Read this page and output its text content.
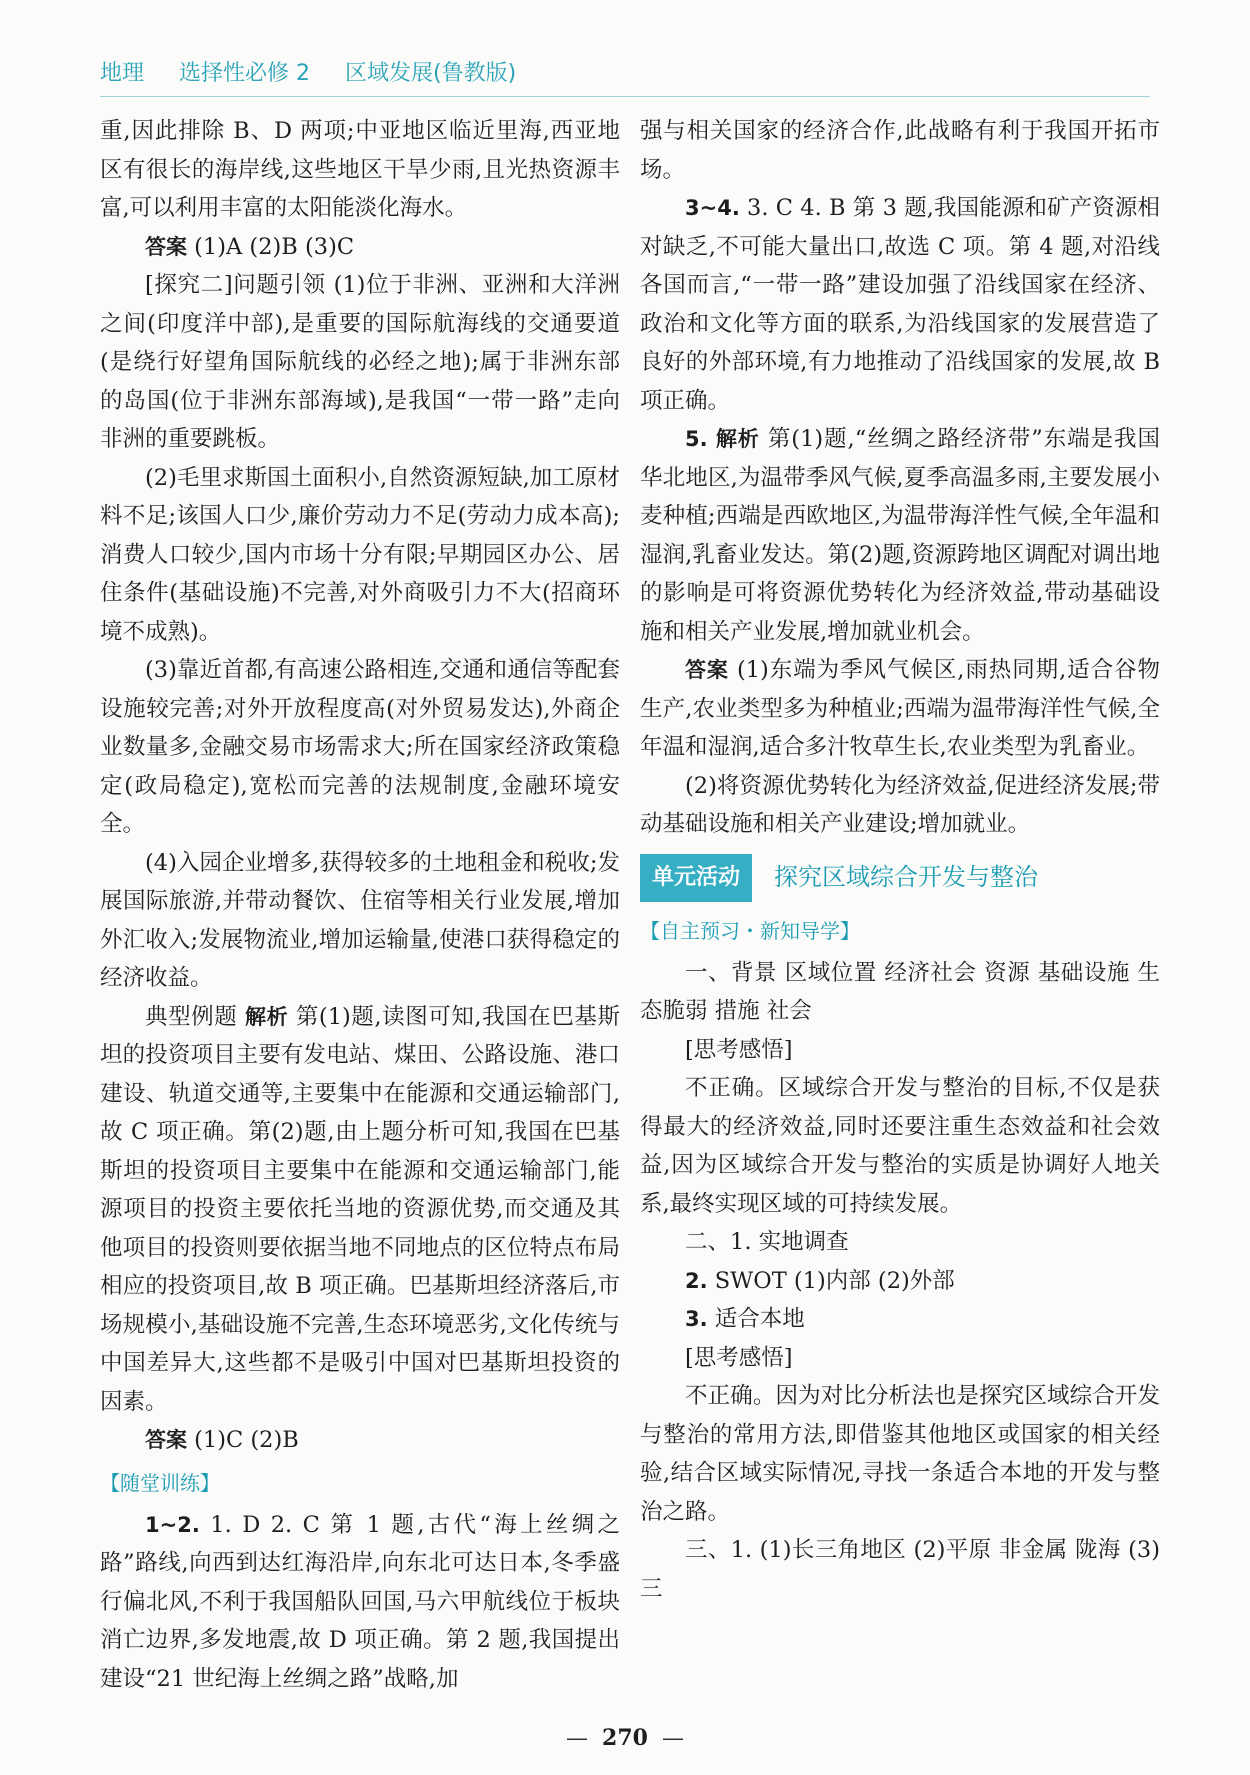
地理 选择性必修 2 区域发展(鲁教版)

重,因此排除 B、D 两项;中亚地区临近里海,西亚地区有很长的海岸线,这些地区干旱少雨,且光热资源丰富,可以利用丰富的太阳能淡化海水。

答案 (1)A (2)B (3)C

[探究二]问题引领 (1)位于非洲、亚洲和大洋洲之间(印度洋中部),是重要的国际航海线的交通要道(是绕行好望角国际航线的必经之地);属于非洲东部的岛国(位于非洲东部海域),是我国“一带一路”走向非洲的重要跳板。

(2)毛里求斯国土面积小,自然资源短缺,加工原材料不足;该国人口少,廉价劳动力不足(劳动力成本高);消费人口较少,国内市场十分有限;早期园区办公、居住条件(基础设施)不完善,对外商吸引力不大(招商环境不成熟)。

(3)靠近首都,有高速公路相连,交通和通信等配套设施较完善;对外开放程度高(对外贸易发达),外商企业数量多,金融交易市场需求大;所在国家经济政策稳定(政局稳定),宽松而完善的法规制度,金融环境安全。

(4)入园企业增多,获得较多的土地租金和税收;发展国际旅游,并带动餐饮、住宿等相关行业发展,增加外汇收入;发展物流业,增加运输量,使港口获得稳定的经济收益。

典型例题 解析 第(1)题,读图可知,我国在巴基斯坦的投资项目主要有发电站、煤田、公路设施、港口建设、轨道交通等,主要集中在能源和交通运输部门,故 C 项正确。第(2)题,由上题分析可知,我国在巴基斯坦的投资项目主要集中在能源和交通运输部门,能源项目的投资主要依托当地的资源优势,而交通及其他项目的投资则要依据当地不同地点的区位特点布局相应的投资项目,故 B 项正确。巴基斯坦经济落后,市场规模小,基础设施不完善,生态环境恶劣,文化传统与中国差异大,这些都不是吸引中国对巴基斯坦投资的因素。

答案 (1)C (2)B

【随堂训练】

1~2. 1. D 2. C 第 1 题,古代“海上丝绸之路”路线,向西到达红海沿岸,向东北可达日本,冬季盛行偏北风,不利于我国船队回国,马六甲航线位于板块消亡边界,多发地震,故 D 项正确。第 2 题,我国提出建设“21 世纪海上丝绸之路”战略,加

强与相关国家的经济合作,此战略有利于我国开拓市场。

3~4. 3. C 4. B 第 3 题,我国能源和矿产资源相对缺乏,不可能大量出口,故选 C 项。第 4 题,对沿线各国而言,“一带一路”建设加强了沿线国家在经济、政治和文化等方面的联系,为沿线国家的发展营造了良好的外部环境,有力地推动了沿线国家的发展,故 B 项正确。

5. 解析 第(1)题,“丝绸之路经济带”东端是我国华北地区,为温带季风气候,夏季高温多雨,主要发展小麦种植;西端是西欧地区,为温带海洋性气候,全年温和湿润,乳畜业发达。第(2)题,资源跨地区调配对调出地的影响是可将资源优势转化为经济效益,带动基础设施和相关产业发展,增加就业机会。

答案 (1)东端为季风气候区,雨热同期,适合谷物生产,农业类型多为种植业;西端为温带海洋性气候,全年温和湿润,适合多汁牧草生长,农业类型为乳畜业。

(2)将资源优势转化为经济效益,促进经济发展;带动基础设施和相关产业建设;增加就业。

单元活动	探究区域综合开发与整治
【自主预习・新知导学】

一、背景 区域位置 经济社会 资源 基础设施 生态脆弱 措施 社会

[思考感悟]

不正确。区域综合开发与整治的目标,不仅是获得最大的经济效益,同时还要注重生态效益和社会效益,因为区域综合开发与整治的实质是协调好人地关系,最终实现区域的可持续发展。

二、1. 实地调查

2. SWOT (1)内部 (2)外部

3. 适合本地

[思考感悟]

不正确。因为对比分析法也是探究区域综合开发与整治的常用方法,即借鉴其他地区或国家的相关经验,结合区域实际情况,寻找一条适合本地的开发与整治之路。

三、1. (1)长三角地区 (2)平原 非金属 陇海 (3)三

— 270 —
